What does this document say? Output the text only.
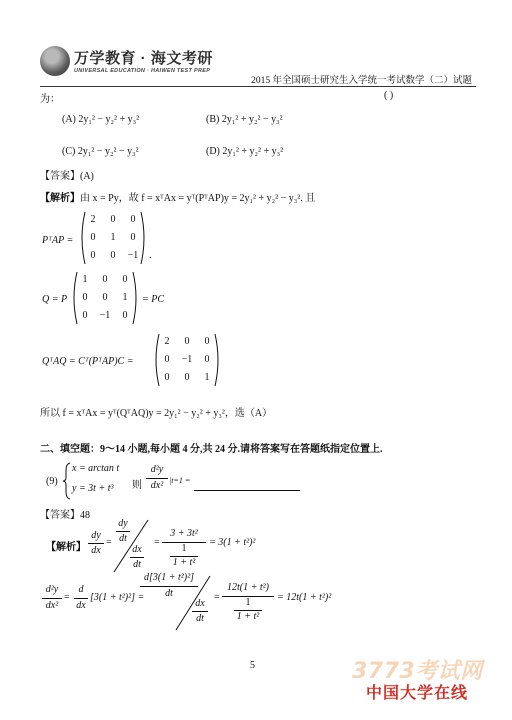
万学教育 · 海文考研
UNIVERSAL EDUCATION · HAIWEN TEST PREP
2015 年全国硕士研究生入学统一考试数学（二）试题
为：	( )
(A) 2y₁² − y₂² + y₃²	(B) 2y₁² + y₂² − y₃²
(C) 2y₁² − y₂² − y₃²	(D) 2y₁² + y₂² + y₃²
【答案】(A)
【解析】由 x = Py，故 f = xᵀAx = yᵀ(PᵀAP)y = 2y₁² + y₂² − y₃². 且
PᵀAP =
2	0	0
0	1	0
0	0	−1	.
Q = P
1	0	0
0	0	1
0	−1	0
= PC
QᵀAQ = Cᵀ(PᵀAP)C =
2	0	0
0	−1	0
0	0	1
所以 f = xᵀAx = yᵀ(QᵀAQ)y = 2y₁² − y₂² + y₃²，选（A）
二、填空题：9～14 小题,每小题 4 分,共 24 分.请将答案写在答题纸指定位置上.
(9)
x = arctan t
y = 3t + t³ 则
d²y
dx² |t=1 =
【答案】48
【解析】
dy
dx
=
dy
dt
dx
dt
=
3 + 3t²
1
1 + t²
= 3(1 + t²)²
d²y
dx²
=
d
dx
[3(1 + t²)²] =
d[3(1 + t²)²]
dt
dx
dt
=
12t(1 + t²)
1
1 + t²
= 12t(1 + t²)²
5	3773考试网
中国大学在线
